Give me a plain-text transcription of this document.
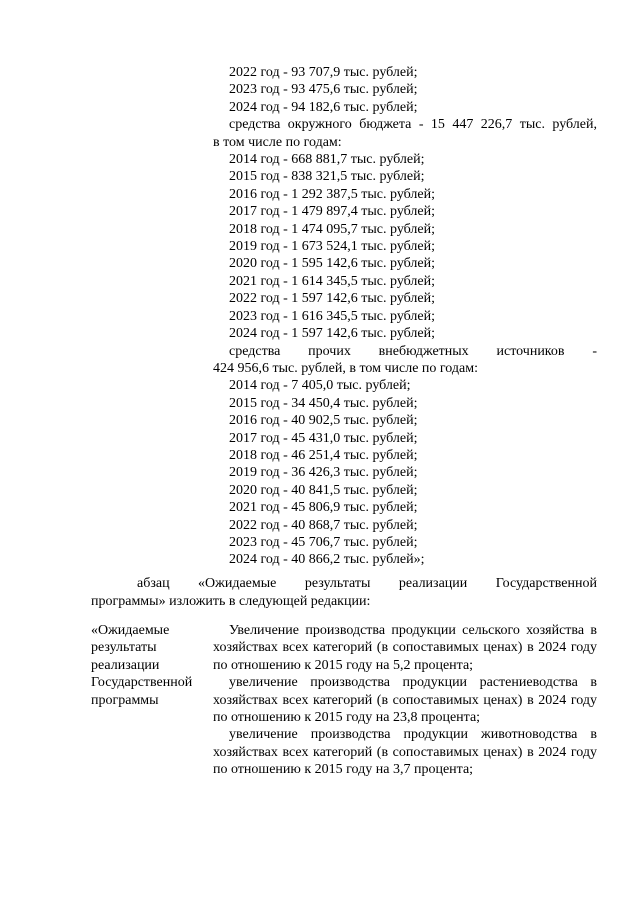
2022 год - 93 707,9 тыс. рублей;
2023 год - 93 475,6 тыс. рублей;
2024 год - 94 182,6 тыс. рублей;
средства окружного бюджета - 15 447 226,7 тыс. рублей,
в том числе по годам:
2014 год - 668 881,7 тыс. рублей;
2015 год - 838 321,5 тыс. рублей;
2016 год - 1 292 387,5 тыс. рублей;
2017 год - 1 479 897,4 тыс. рублей;
2018 год - 1 474 095,7 тыс. рублей;
2019 год - 1 673 524,1 тыс. рублей;
2020 год - 1 595 142,6 тыс. рублей;
2021 год - 1 614 345,5 тыс. рублей;
2022 год - 1 597 142,6 тыс. рублей;
2023 год - 1 616 345,5 тыс. рублей;
2024 год - 1 597 142,6 тыс. рублей;
средства прочих внебюджетных источников -
424 956,6 тыс. рублей, в том числе по годам:
2014 год - 7 405,0 тыс. рублей;
2015 год - 34 450,4 тыс. рублей;
2016 год - 40 902,5 тыс. рублей;
2017 год - 45 431,0 тыс. рублей;
2018 год - 46 251,4 тыс. рублей;
2019 год - 36 426,3 тыс. рублей;
2020 год - 40 841,5 тыс. рублей;
2021 год - 45 806,9 тыс. рублей;
2022 год - 40 868,7 тыс. рублей;
2023 год - 45 706,7 тыс. рублей;
2024 год - 40 866,2 тыс. рублей»;
абзац «Ожидаемые результаты реализации Государственной
программы» изложить в следующей редакции:
«Ожидаемые
результаты
реализации
Государственной
программы
Увеличение производства продукции сельского хозяйства в хозяйствах всех категорий (в сопоставимых ценах) в 2024 году по отношению к 2015 году на 5,2 процента;
увеличение производства продукции растениеводства в хозяйствах всех категорий (в сопоставимых ценах) в 2024 году по отношению к 2015 году на 23,8 процента;
увеличение производства продукции животноводства в хозяйствах всех категорий (в сопоставимых ценах) в 2024 году по отношению к 2015 году на 3,7 процента;
